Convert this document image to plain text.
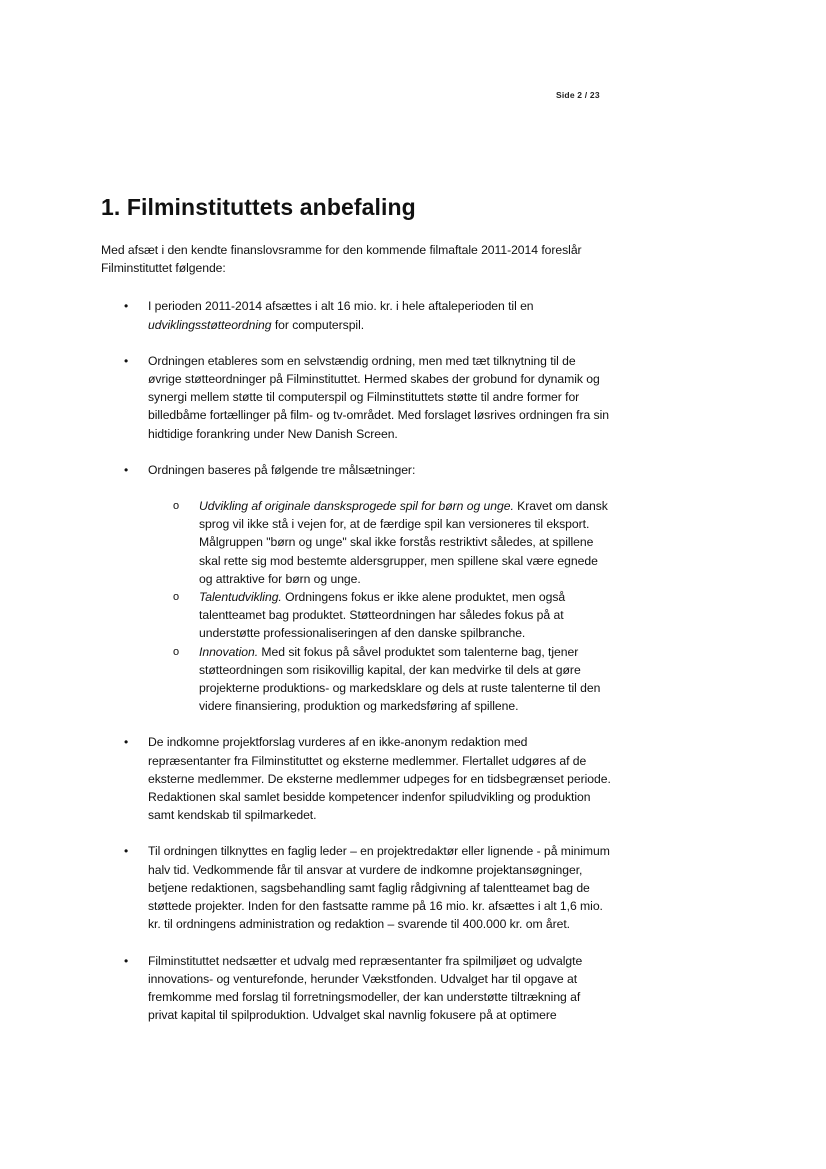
Side 2 / 23
1. Filminstituttets anbefaling

Med afsæt i den kendte finanslovsramme for den kommende filmaftale 2011-2014 foreslår Filminstituttet følgende:

• I perioden 2011-2014 afsættes i alt 16 mio. kr. i hele aftaleperioden til en udviklingsstøtteordning for computerspil.
• Ordningen etableres som en selvstændig ordning, men med tæt tilknytning til de øvrige støtteordninger på Filminstituttet. Hermed skabes der grobund for dynamik og synergi mellem støtte til computerspil og Filminstituttets støtte til andre former for billedbåme fortællinger på film- og tv-området. Med forslaget løsrives ordningen fra sin hidtidige forankring under New Danish Screen.
• Ordningen baseres på følgende tre målsætninger:
o Udvikling af originale dansksprogede spil for børn og unge. Kravet om dansk sprog vil ikke stå i vejen for, at de færdige spil kan versioneres til eksport. Målgruppen "børn og unge" skal ikke forstås restriktivt således, at spillene skal rette sig mod bestemte aldersgrupper, men spillene skal være egnede og attraktive for børn og unge.
o Talentudvikling. Ordningens fokus er ikke alene produktet, men også talentteamet bag produktet. Støtteordningen har således fokus på at understøtte professionaliseringen af den danske spilbranche.
o Innovation. Med sit fokus på såvel produktet som talenterne bag, tjener støtteordningen som risikovillig kapital, der kan medvirke til dels at gøre projekterne produktions- og markedsklare og dels at ruste talenterne til den videre finansiering, produktion og markedsføring af spillene.
• De indkomne projektforslag vurderes af en ikke-anonym redaktion med repræsentanter fra Filminstituttet og eksterne medlemmer. Flertallet udgøres af de eksterne medlemmer. De eksterne medlemmer udpeges for en tidsbegrænset periode. Redaktionen skal samlet besidde kompetencer indenfor spiludvikling og produktion samt kendskab til spilmarkedet.
• Til ordningen tilknyttes en faglig leder – en projektredaktør eller lignende - på minimum halv tid. Vedkommende får til ansvar at vurdere de indkomne projektansøgninger, betjene redaktionen, sagsbehandling samt faglig rådgivning af talentteamet bag de støttede projekter. Inden for den fastsatte ramme på 16 mio. kr. afsættes i alt 1,6 mio. kr. til ordningens administration og redaktion – svarende til 400.000 kr. om året.
• Filminstituttet nedsætter et udvalg med repræsentanter fra spilmiljøet og udvalgte innovations- og venturefonde, herunder Vækstfonden. Udvalget har til opgave at fremkomme med forslag til forretningsmodeller, der kan understøtte tiltrækning af privat kapital til spilproduktion. Udvalget skal navnlig fokusere på at optimere
